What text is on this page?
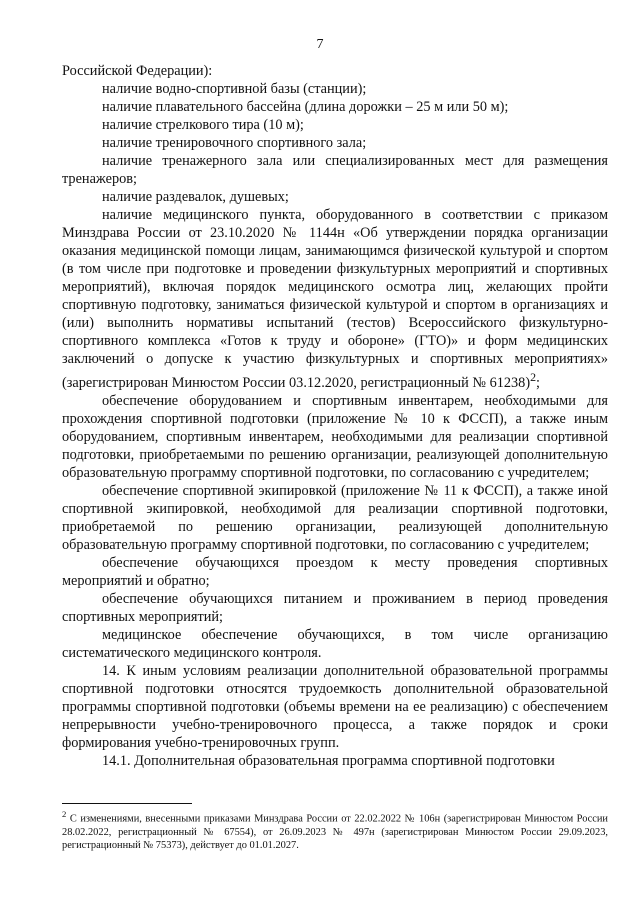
7

Российской Федерации):

наличие водно-спортивной базы (станции);

наличие плавательного бассейна (длина дорожки – 25 м или 50 м);

наличие стрелкового тира (10 м);

наличие тренировочного спортивного зала;

наличие тренажерного зала или специализированных мест для размещения тренажеров;

наличие раздевалок, душевых;

наличие медицинского пункта, оборудованного в соответствии с приказом Минздрава России от 23.10.2020 № 1144н «Об утверждении порядка организации оказания медицинской помощи лицам, занимающимся физической культурой и спортом (в том числе при подготовке и проведении физкультурных мероприятий и спортивных мероприятий), включая порядок медицинского осмотра лиц, желающих пройти спортивную подготовку, заниматься физической культурой и спортом в организациях и (или) выполнить нормативы испытаний (тестов) Всероссийского физкультурно-спортивного комплекса «Готов к труду и обороне» (ГТО)» и форм медицинских заключений о допуске к участию физкультурных и спортивных мероприятиях» (зарегистрирован Минюстом России 03.12.2020, регистрационный № 61238)$^2$;

обеспечение оборудованием и спортивным инвентарем, необходимыми для прохождения спортивной подготовки (приложение № 10 к ФССП), а также иным оборудованием, спортивным инвентарем, необходимыми для реализации спортивной подготовки, приобретаемыми по решению организации, реализующей дополнительную образовательную программу спортивной подготовки, по согласованию с учредителем;

обеспечение спортивной экипировкой (приложение № 11 к ФССП), а также иной спортивной экипировкой, необходимой для реализации спортивной подготовки, приобретаемой по решению организации, реализующей дополнительную образовательную программу спортивной подготовки, по согласованию с учредителем;

обеспечение обучающихся проездом к месту проведения спортивных мероприятий и обратно;

обеспечение обучающихся питанием и проживанием в период проведения спортивных мероприятий;

медицинское обеспечение обучающихся, в том числе организацию систематического медицинского контроля.

14. К иным условиям реализации дополнительной образовательной программы спортивной подготовки относятся трудоемкость дополнительной образовательной программы спортивной подготовки (объемы времени на ее реализацию) с обеспечением непрерывности учебно-тренировочного процесса, а также порядок и сроки формирования учебно-тренировочных групп.

14.1. Дополнительная образовательная программа спортивной подготовки

$^2$ С изменениями, внесенными приказами Минздрава России от 22.02.2022 № 106н (зарегистрирован Минюстом России 28.02.2022, регистрационный № 67554), от 26.09.2023 № 497н (зарегистрирован Минюстом России 29.09.2023, регистрационный № 75373), действует до 01.01.2027.
